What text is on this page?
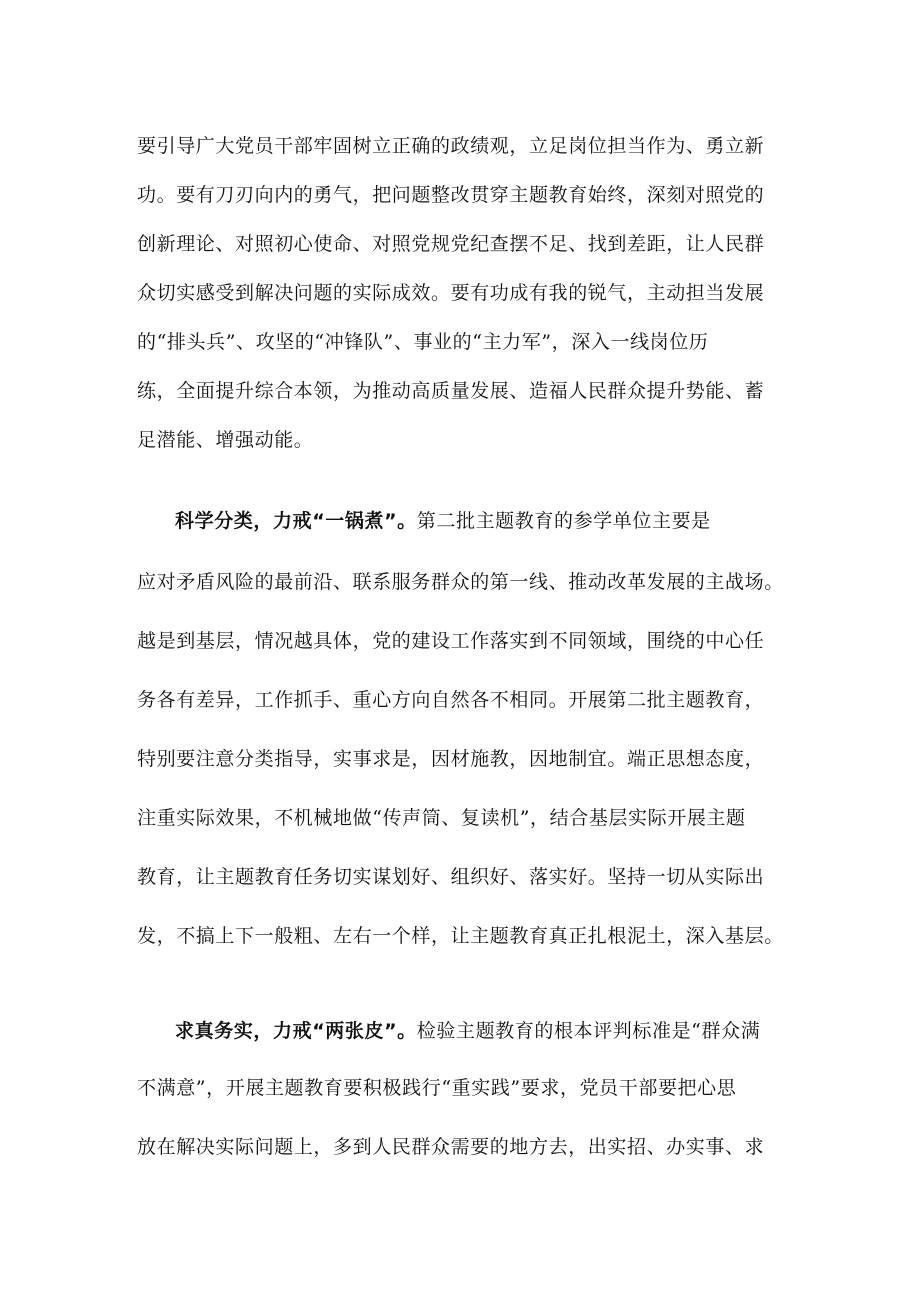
要引导广大党员干部牢固树立正确的政绩观，立足岗位担当作为、勇立新
功。要有刀刃向内的勇气，把问题整改贯穿主题教育始终，深刻对照党的
创新理论、对照初心使命、对照党规党纪查摆不足、找到差距，让人民群
众切实感受到解决问题的实际成效。要有功成有我的锐气，主动担当发展
的“排头兵”、攻坚的“冲锋队”、事业的“主力军”，深入一线岗位历
练，全面提升综合本领，为推动高质量发展、造福人民群众提升势能、蓄
足潜能、增强动能。
科学分类，力戒“一锅煮”。第二批主题教育的参学单位主要是
应对矛盾风险的最前沿、联系服务群众的第一线、推动改革发展的主战场。
越是到基层，情况越具体，党的建设工作落实到不同领域，围绕的中心任
务各有差异，工作抓手、重心方向自然各不相同。开展第二批主题教育，
特别要注意分类指导，实事求是，因材施教，因地制宜。端正思想态度，
注重实际效果，不机械地做“传声筒、复读机”，结合基层实际开展主题
教育，让主题教育任务切实谋划好、组织好、落实好。坚持一切从实际出
发，不搞上下一般粗、左右一个样，让主题教育真正扎根泥土，深入基层。
求真务实，力戒“两张皮”。检验主题教育的根本评判标准是“群众满
不满意”，开展主题教育要积极践行“重实践”要求，党员干部要把心思
放在解决实际问题上，多到人民群众需要的地方去，出实招、办实事、求
